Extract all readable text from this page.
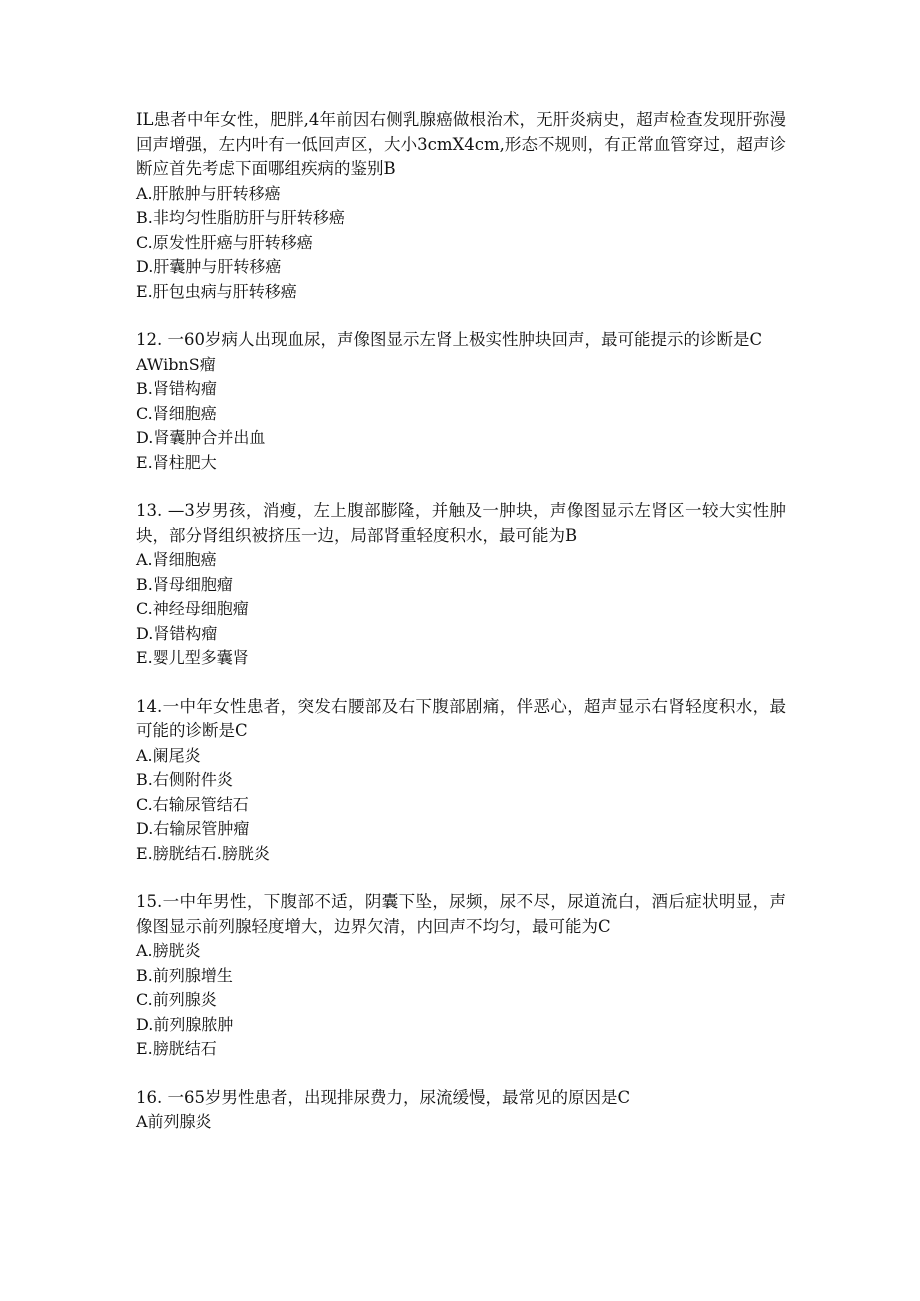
IL患者中年女性，肥胖,4年前因右侧乳腺癌做根治术，无肝炎病史，超声检查发现肝弥漫回声增强，左内叶有一低回声区，大小3cmX4cm,形态不规则，有正常血管穿过，超声诊断应首先考虑下面哪组疾病的鉴别B

A.肝脓肿与肝转移癌
B.非均匀性脂肪肝与肝转移癌
C.原发性肝癌与肝转移癌
D.肝囊肿与肝转移癌
E.肝包虫病与肝转移癌

12. 一60岁病人出现血尿，声像图显示左肾上极实性肿块回声，最可能提示的诊断是C

AWibnS瘤
B.肾错构瘤
C.肾细胞癌
D.肾囊肿合并出血
E.肾柱肥大

13. —3岁男孩，消瘦，左上腹部膨隆，并触及一肿块，声像图显示左肾区一较大实性肿块，部分肾组织被挤压一边，局部肾重轻度积水，最可能为B

A.肾细胞癌
B.肾母细胞瘤
C.神经母细胞瘤
D.肾错构瘤
E.婴儿型多囊肾

14.一中年女性患者，突发右腰部及右下腹部剧痛，伴恶心，超声显示右肾轻度积水，最可能的诊断是C

A.阑尾炎
B.右侧附件炎
C.右输尿管结石
D.右输尿管肿瘤
E.膀胱结石.膀胱炎

15.一中年男性，下腹部不适，阴囊下坠，尿频，尿不尽，尿道流白，酒后症状明显，声像图显示前列腺轻度增大，边界欠清，内回声不均匀，最可能为C

A.膀胱炎
B.前列腺增生
C.前列腺炎
D.前列腺脓肿
E.膀胱结石

16. 一65岁男性患者，出现排尿费力，尿流缓慢，最常见的原因是C

A前列腺炎
